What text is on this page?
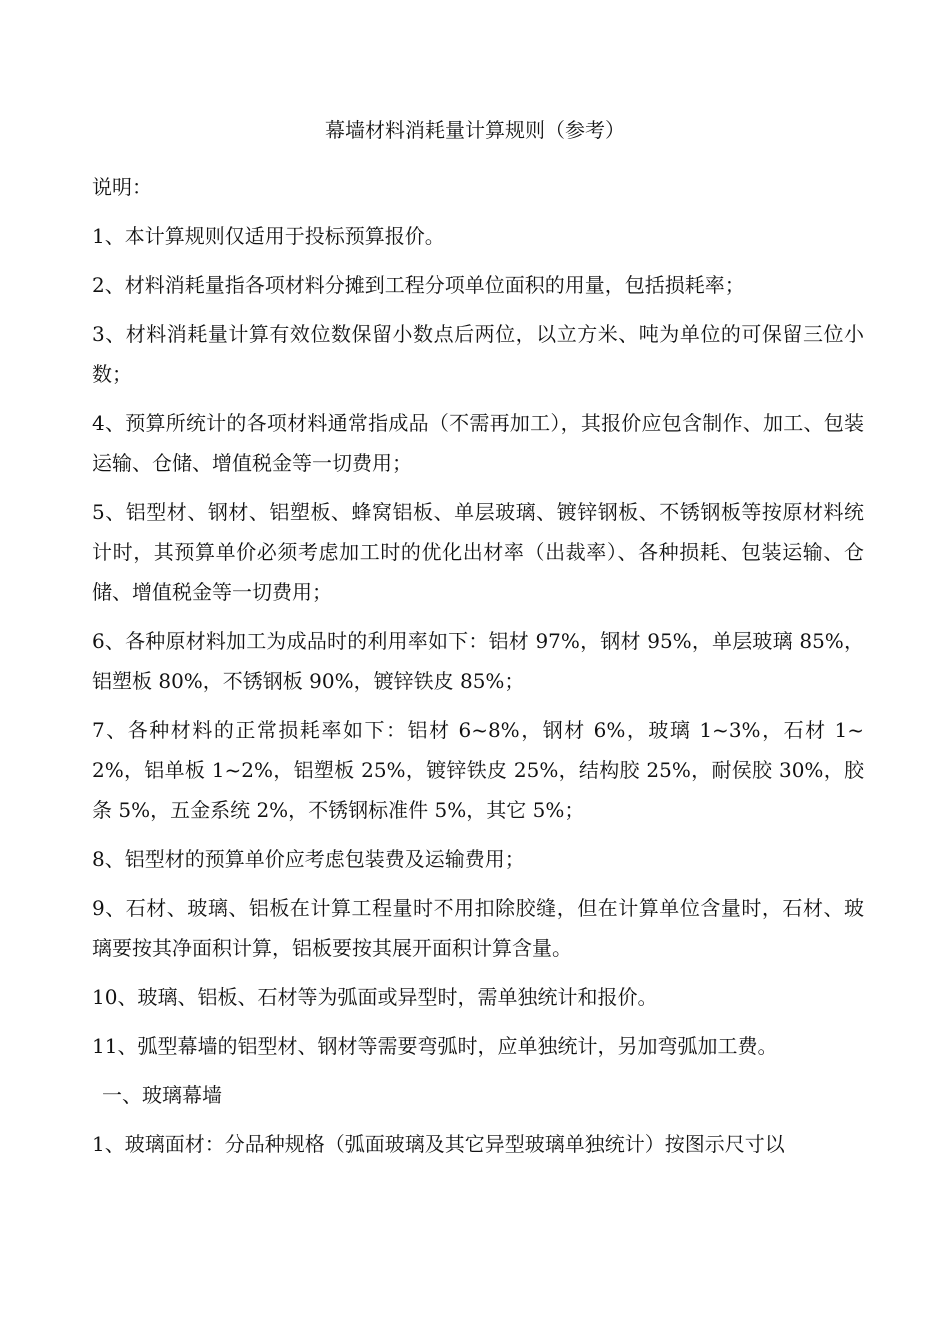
幕墙材料消耗量计算规则（参考）

说明：

1、本计算规则仅适用于投标预算报价。

2、材料消耗量指各项材料分摊到工程分项单位面积的用量，包括损耗率；

3、材料消耗量计算有效位数保留小数点后两位，以立方米、吨为单位的可保留三位小数；

4、预算所统计的各项材料通常指成品（不需再加工），其报价应包含制作、加工、包装运输、仓储、增值税金等一切费用；

5、铝型材、钢材、铝塑板、蜂窝铝板、单层玻璃、镀锌钢板、不锈钢板等按原材料统计时，其预算单价必须考虑加工时的优化出材率（出裁率）、各种损耗、包装运输、仓储、增值税金等一切费用；

6、各种原材料加工为成品时的利用率如下：铝材 97%，钢材 95%，单层玻璃 85%，铝塑板 80%，不锈钢板 90%，镀锌铁皮 85%；

7、各种材料的正常损耗率如下：铝材 6~8%，钢材 6%，玻璃 1~3%，石材 1~2%，铝单板 1~2%，铝塑板 25%，镀锌铁皮 25%，结构胶 25%，耐侯胶 30%，胶条 5%，五金系统 2%，不锈钢标准件 5%，其它 5%；

8、铝型材的预算单价应考虑包装费及运输费用；

9、石材、玻璃、铝板在计算工程量时不用扣除胶缝，但在计算单位含量时，石材、玻璃要按其净面积计算，铝板要按其展开面积计算含量。

10、玻璃、铝板、石材等为弧面或异型时，需单独统计和报价。

11、弧型幕墙的铝型材、钢材等需要弯弧时，应单独统计，另加弯弧加工费。

一、玻璃幕墙

1、玻璃面材：分品种规格（弧面玻璃及其它异型玻璃单独统计）按图示尺寸以
